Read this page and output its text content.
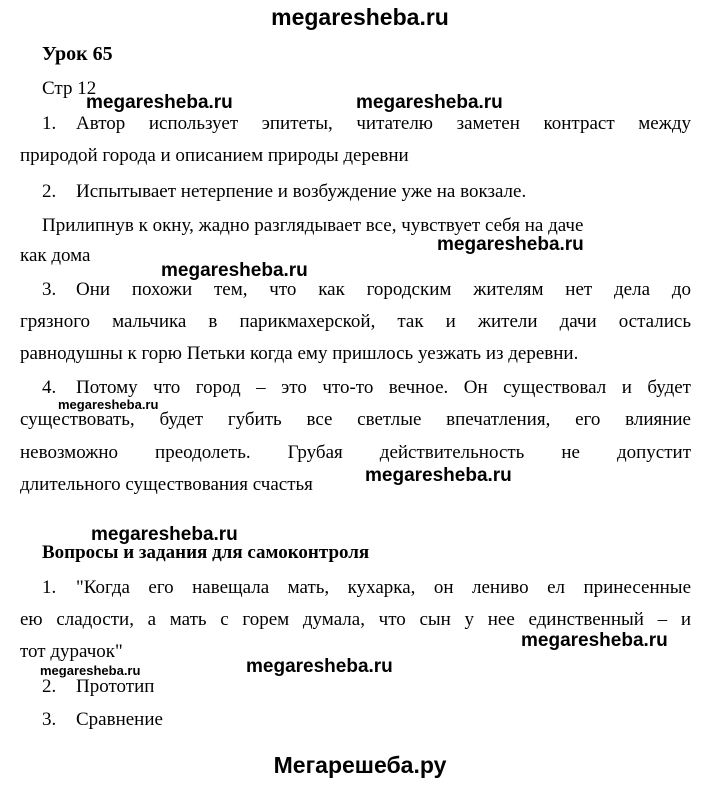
megaresheba.ru
Урок 65
Стр 12
1. Автор использует эпитеты, читателю заметен контраст между
природой города и описанием природы деревни
2. Испытывает нетерпение и возбуждение уже на вокзале.
Прилипнув к окну, жадно разглядывает все, чувствует себя на даче
как дома
3. Они похожи тем, что как городским жителям нет дела до
грязного мальчика в парикмахерской, так и жители дачи остались
равнодушны к горю Петьки когда ему пришлось уезжать из деревни.
4. Потому что город – это что-то вечное. Он существовал и будет
существовать, будет губить все светлые впечатления, его влияние
невозможно преодолеть. Грубая действительность не допустит
длительного существования счастья
Вопросы и задания для самоконтроля
1. "Когда его навещала мать, кухарка, он лениво ел принесенные
ею сладости, а мать с горем думала, что сын у нее единственный – и
тот дурачок"
2. Прототип
3. Сравнение
megaresheba.ru	megaresheba.ru
megaresheba.ru
megaresheba.ru
megaresheba.ru
megaresheba.ru
megaresheba.ru
megaresheba.ru
megaresheba.ru	megaresheba.ru
Мегарешеба.ру
